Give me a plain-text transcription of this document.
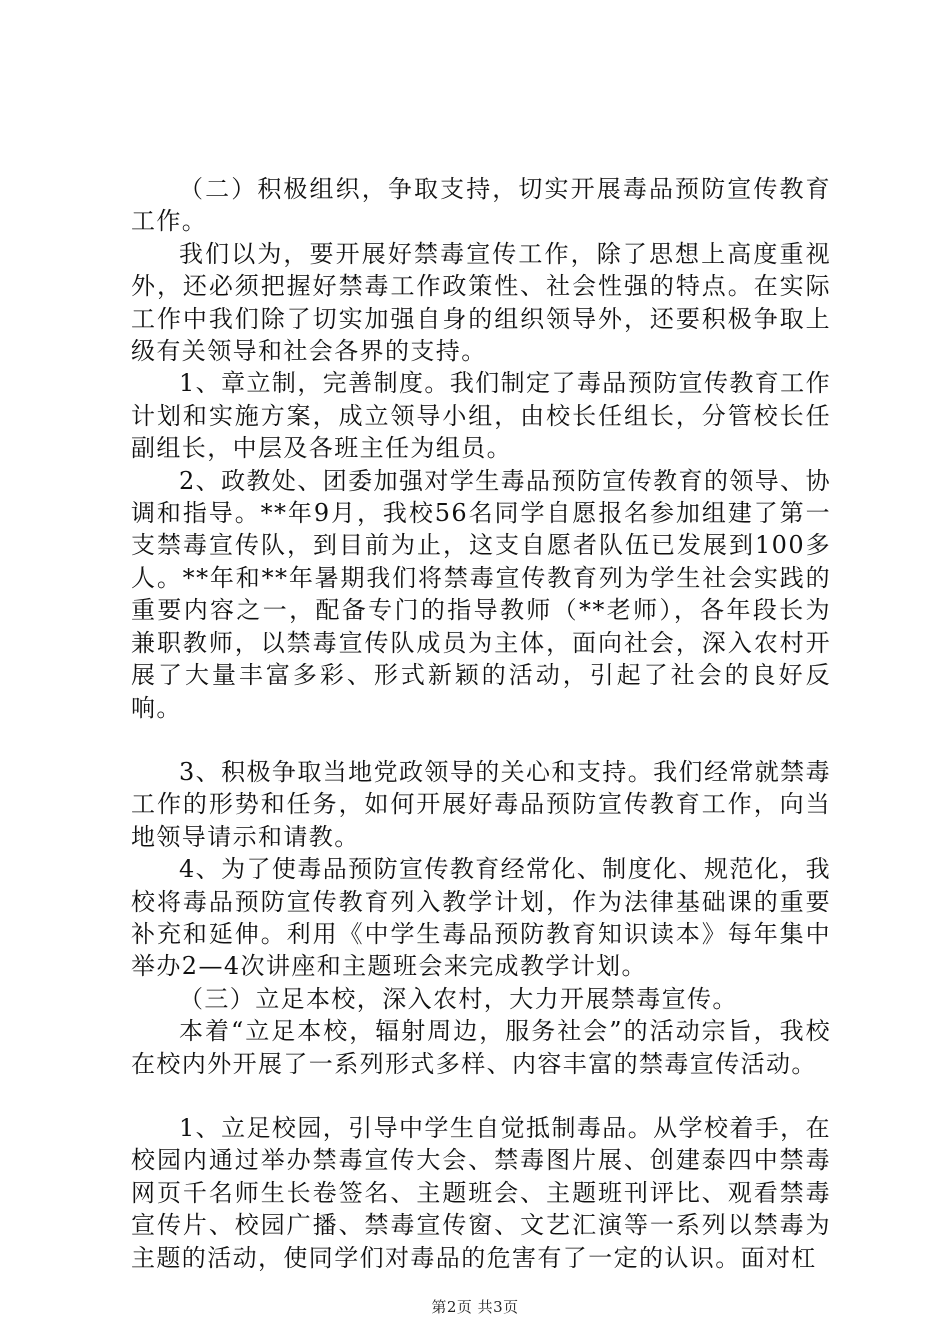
（二）积极组织，争取支持，切实开展毒品预防宣传教育工作。

我们以为，要开展好禁毒宣传工作，除了思想上高度重视外，还必须把握好禁毒工作政策性、社会性强的特点。在实际工作中我们除了切实加强自身的组织领导外，还要积极争取上级有关领导和社会各界的支持。

1、章立制，完善制度。我们制定了毒品预防宣传教育工作计划和实施方案，成立领导小组，由校长任组长，分管校长任副组长，中层及各班主任为组员。

2、政教处、团委加强对学生毒品预防宣传教育的领导、协调和指导。**年9月，我校56名同学自愿报名参加组建了第一支禁毒宣传队，到目前为止，这支自愿者队伍已发展到100多人。**年和**年暑期我们将禁毒宣传教育列为学生社会实践的重要内容之一，配备专门的指导教师（**老师），各年段长为兼职教师，以禁毒宣传队成员为主体，面向社会，深入农村开展了大量丰富多彩、形式新颖的活动，引起了社会的良好反响。

3、积极争取当地党政领导的关心和支持。我们经常就禁毒工作的形势和任务，如何开展好毒品预防宣传教育工作，向当地领导请示和请教。

4、为了使毒品预防宣传教育经常化、制度化、规范化，我校将毒品预防宣传教育列入教学计划，作为法律基础课的重要补充和延伸。利用《中学生毒品预防教育知识读本》每年集中举办2—4次讲座和主题班会来完成教学计划。

（三）立足本校，深入农村，大力开展禁毒宣传。

本着“立足本校，辐射周边，服务社会”的活动宗旨，我校在校内外开展了一系列形式多样、内容丰富的禁毒宣传活动。

1、立足校园，引导中学生自觉抵制毒品。从学校着手，在校园内通过举办禁毒宣传大会、禁毒图片展、创建泰四中禁毒网页千名师生长卷签名、主题班会、主题班刊评比、观看禁毒宣传片、校园广播、禁毒宣传窗、文艺汇演等一系列以禁毒为主题的活动，使同学们对毒品的危害有了一定的认识。面对杠

第2页 共3页
